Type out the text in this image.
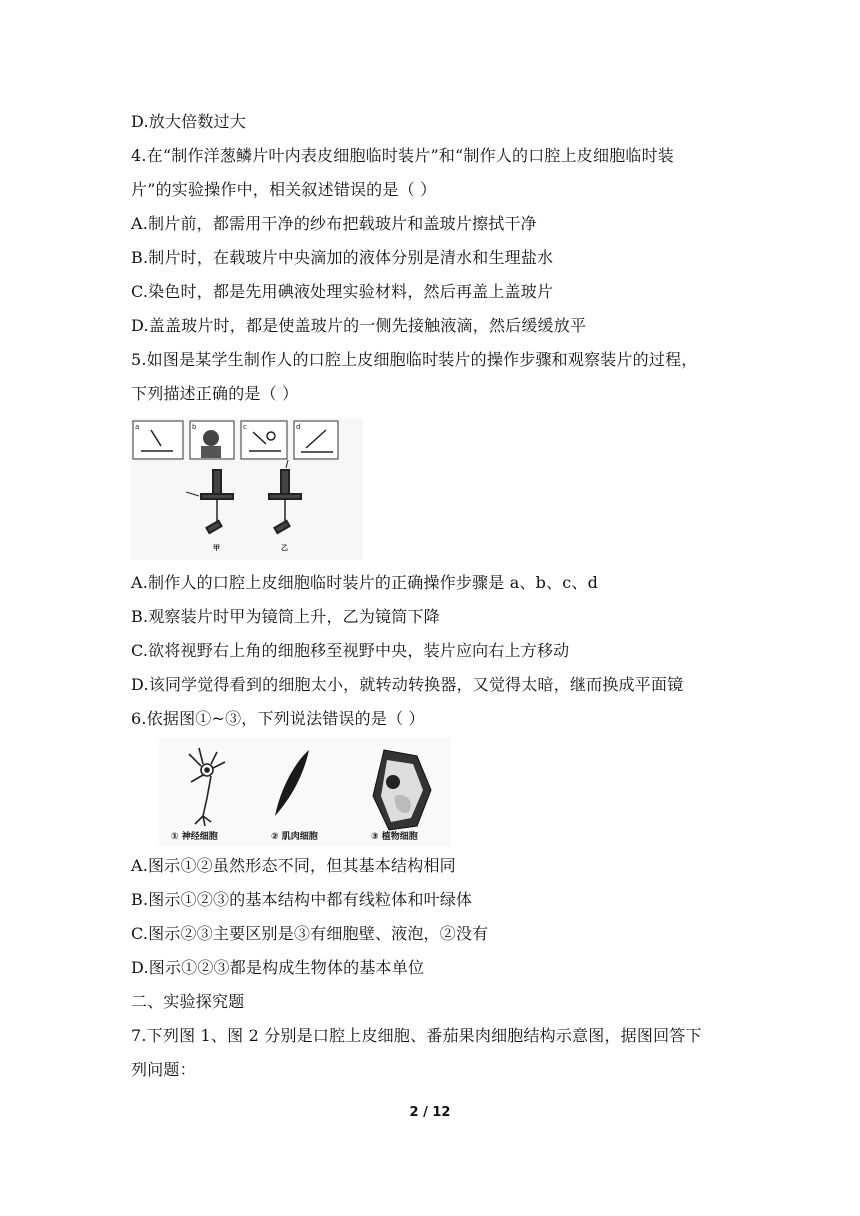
D.放大倍数过大
4.在“制作洋葱鳞片叶内表皮细胞临时装片”和“制作人的口腔上皮细胞临时装
片”的实验操作中，相关叙述错误的是（ ）
A.制片前，都需用干净的纱布把载玻片和盖玻片擦拭干净
B.制片时，在载玻片中央滴加的液体分别是清水和生理盐水
C.染色时，都是先用碘液处理实验材料，然后再盖上盖玻片
D.盖盖玻片时，都是使盖玻片的一侧先接触液滴，然后缓缓放平
5.如图是某学生制作人的口腔上皮细胞临时装片的操作步骤和观察装片的过程，
下列描述正确的是（ ）
a	b	c	d
甲	乙
A.制作人的口腔上皮细胞临时装片的正确操作步骤是 a、b、c、d
B.观察装片时甲为镜筒上升，乙为镜筒下降
C.欲将视野右上角的细胞移至视野中央，装片应向右上方移动
D.该同学觉得看到的细胞太小，就转动转换器，又觉得太暗，继而换成平面镜
6.依据图①~③，下列说法错误的是（ ）
① 神经细胞	② 肌肉细胞	③ 植物细胞
A.图示①②虽然形态不同，但其基本结构相同
B.图示①②③的基本结构中都有线粒体和叶绿体
C.图示②③主要区别是③有细胞壁、液泡，②没有
D.图示①②③都是构成生物体的基本单位
二、实验探究题
7.下列图 1、图 2 分别是口腔上皮细胞、番茄果肉细胞结构示意图，据图回答下
列问题：
2 / 12
